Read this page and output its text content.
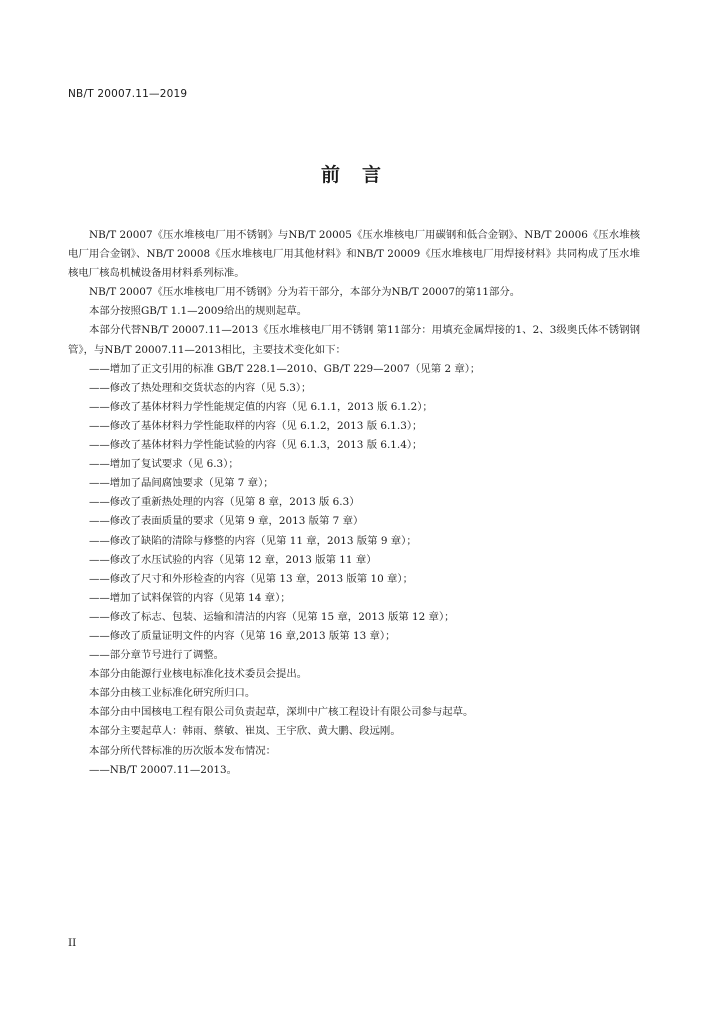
NB/T 20007.11—2019
前言

NB/T 20007《压水堆核电厂用不锈钢》与NB/T 20005《压水堆核电厂用碳钢和低合金钢》、NB/T 20006《压水堆核电厂用合金钢》、NB/T 20008《压水堆核电厂用其他材料》和NB/T 20009《压水堆核电厂用焊接材料》共同构成了压水堆核电厂核岛机械设备用材料系列标准。

NB/T 20007《压水堆核电厂用不锈钢》分为若干部分，本部分为NB/T 20007的第11部分。

本部分按照GB/T 1.1—2009给出的规则起草。

本部分代替NB/T 20007.11—2013《压水堆核电厂用不锈钢 第11部分：用填充金属焊接的1、2、3级奥氏体不锈钢钢管》，与NB/T 20007.11—2013相比，主要技术变化如下：

——增加了正文引用的标准 GB/T 228.1—2010、GB/T 229—2007（见第 2 章）；
——修改了热处理和交货状态的内容（见 5.3）；
——修改了基体材料力学性能规定值的内容（见 6.1.1，2013 版 6.1.2）；
——修改了基体材料力学性能取样的内容（见 6.1.2，2013 版 6.1.3）；
——修改了基体材料力学性能试验的内容（见 6.1.3，2013 版 6.1.4）；
——增加了复试要求（见 6.3）；
——增加了晶间腐蚀要求（见第 7 章）；
——修改了重新热处理的内容（见第 8 章，2013 版 6.3）
——修改了表面质量的要求（见第 9 章，2013 版第 7 章）
——修改了缺陷的清除与修整的内容（见第 11 章，2013 版第 9 章）；
——修改了水压试验的内容（见第 12 章，2013 版第 11 章）
——修改了尺寸和外形检查的内容（见第 13 章，2013 版第 10 章）；
——增加了试料保管的内容（见第 14 章）；
——修改了标志、包装、运输和清洁的内容（见第 15 章，2013 版第 12 章）；
——修改了质量证明文件的内容（见第 16 章,2013 版第 13 章）；
——部分章节号进行了调整。

本部分由能源行业核电标准化技术委员会提出。

本部分由核工业标准化研究所归口。

本部分由中国核电工程有限公司负责起草，深圳中广核工程设计有限公司参与起草。

本部分主要起草人：韩雨、蔡敏、崔岚、王宇欣、黄大鹏、段远刚。

本部分所代替标准的历次版本发布情况：

——NB/T 20007.11—2013。
II
